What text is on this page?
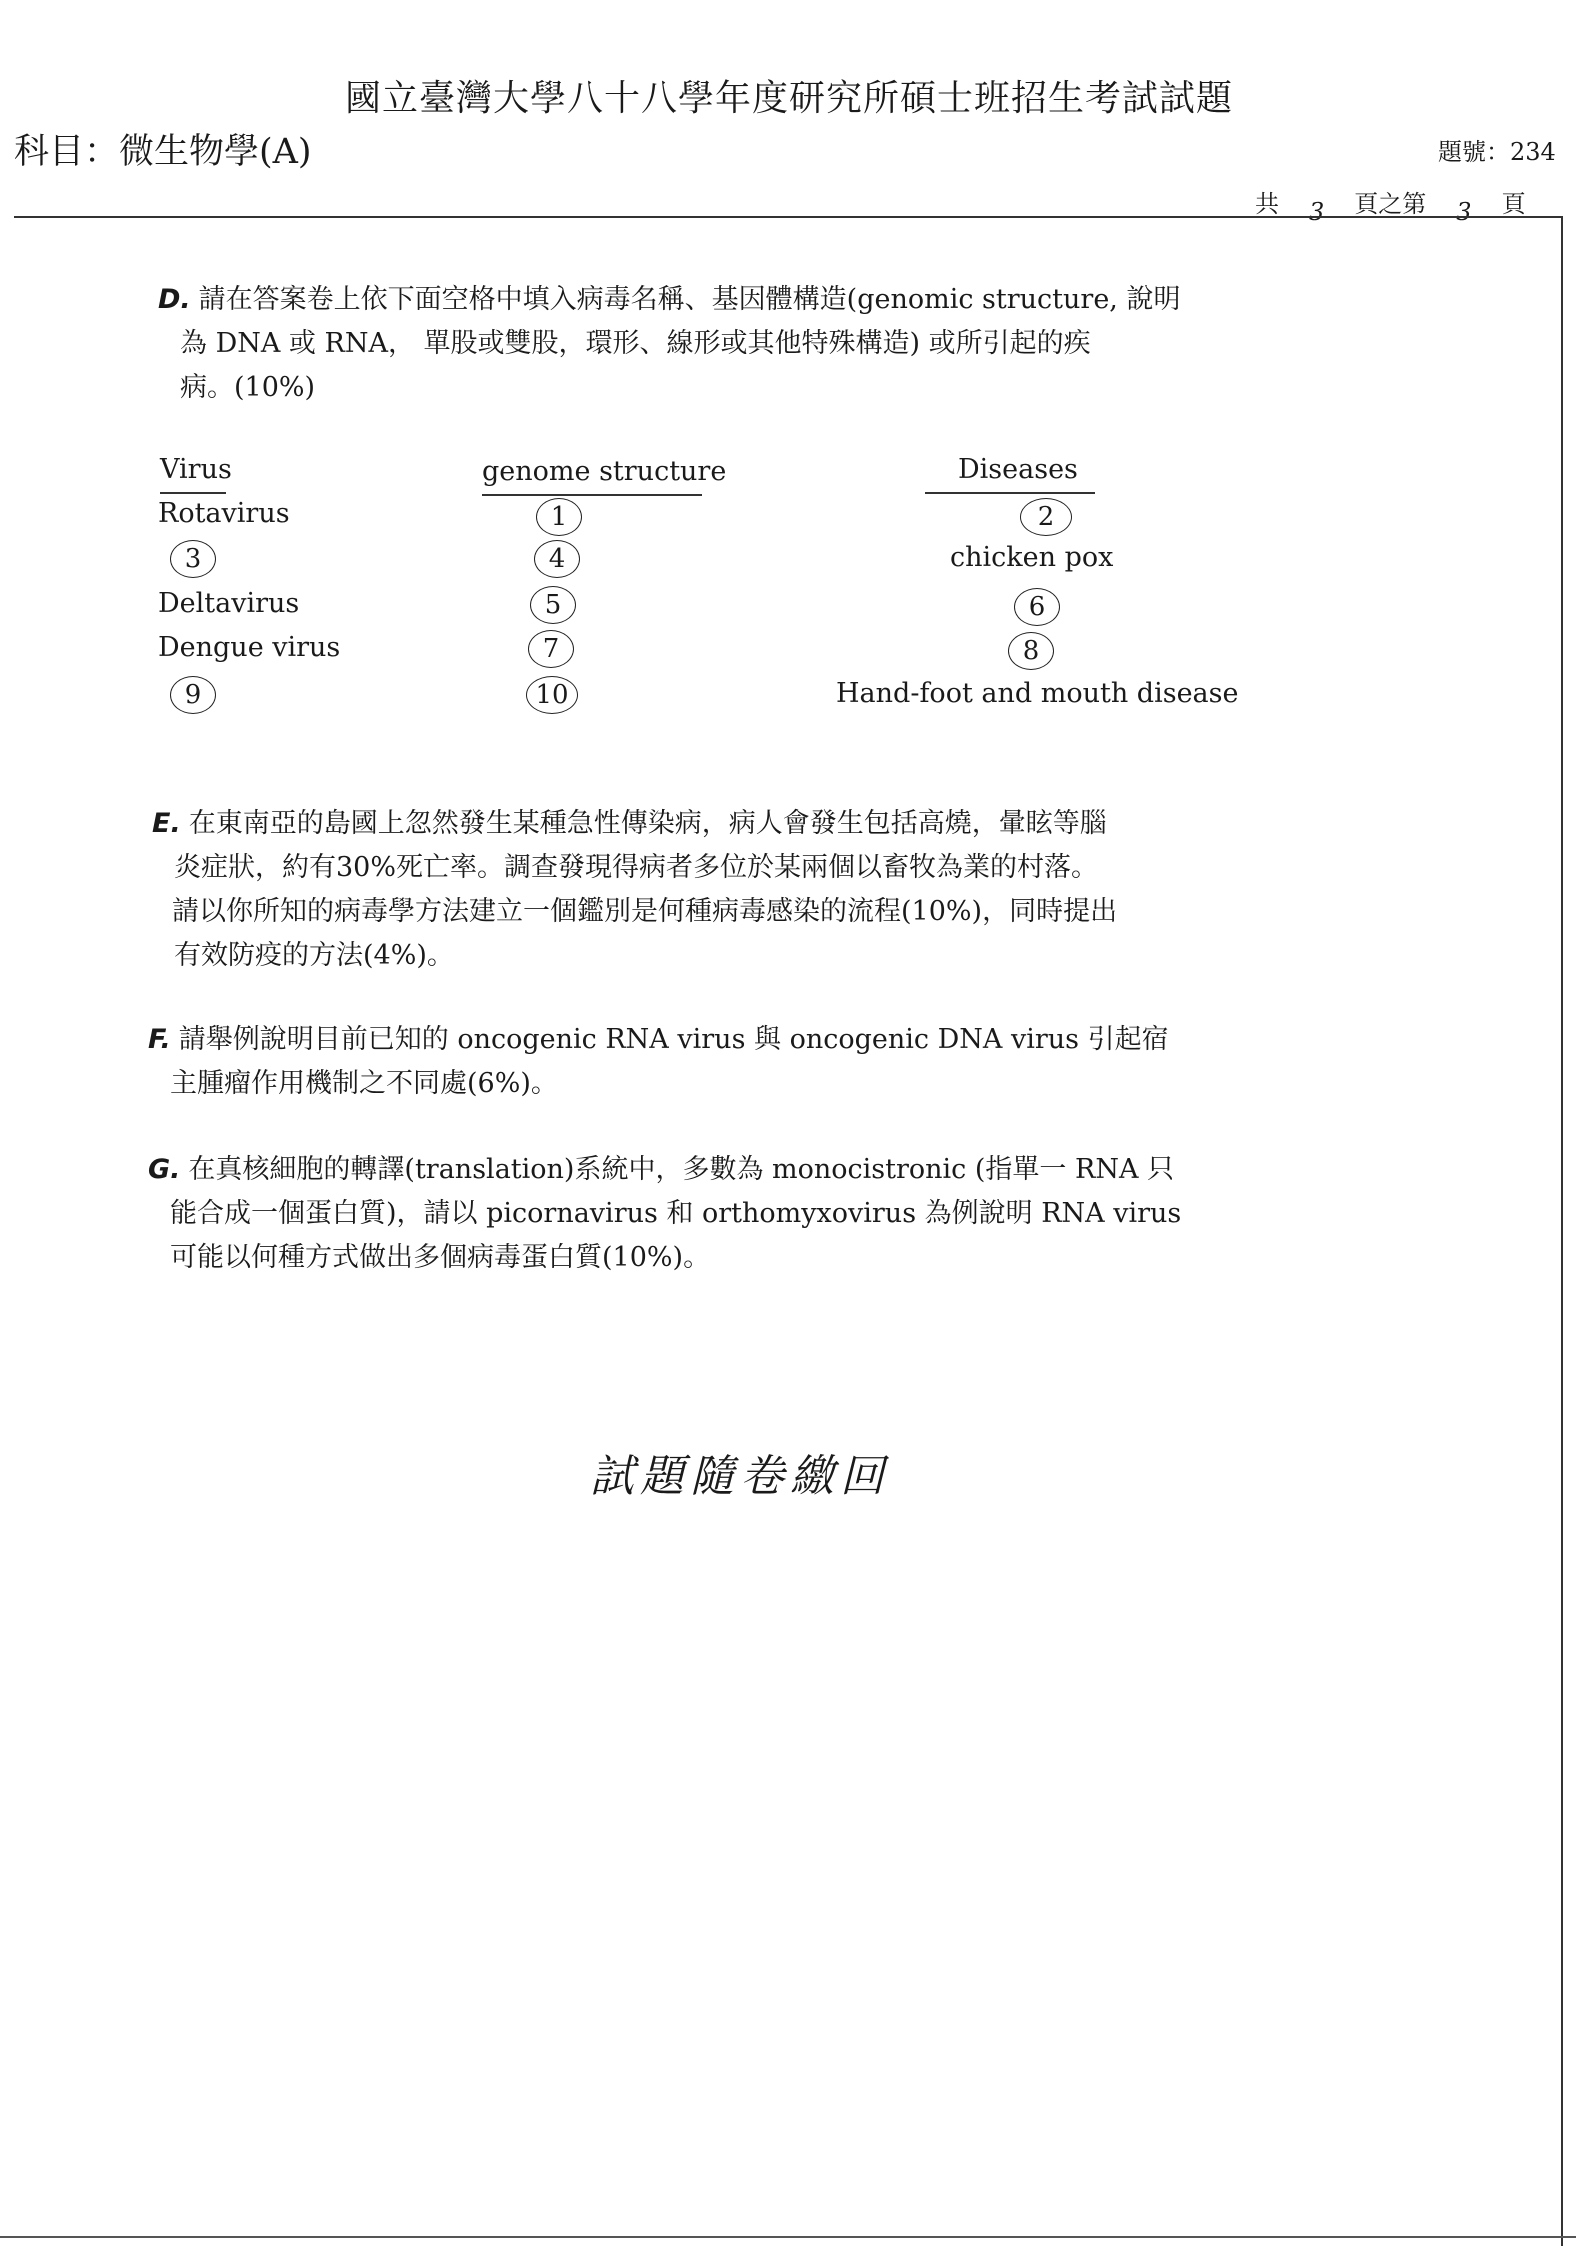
國立臺灣大學八十八學年度研究所碩士班招生考試試題
科目：微生物學(A)	題號：234
共 3 頁之第 3 頁
D. 請在答案卷上依下面空格中填入病毒名稱、基因體構造(genomic structure, 說明
為 DNA 或 RNA， 單股或雙股，環形、線形或其他特殊構造) 或所引起的疾
病。(10%)
Virus	genome structure	Diseases
Rotavirus	1	2
3	4	chicken pox
Deltavirus	5	6
Dengue virus	7	8
9	10	Hand-foot and mouth disease
E. 在東南亞的島國上忽然發生某種急性傳染病，病人會發生包括高燒，暈眩等腦
炎症狀，約有30%死亡率。調查發現得病者多位於某兩個以畜牧為業的村落。
請以你所知的病毒學方法建立一個鑑別是何種病毒感染的流程(10%)，同時提出
有效防疫的方法(4%)。
F. 請舉例說明目前已知的 oncogenic RNA virus 與 oncogenic DNA virus 引起宿
主腫瘤作用機制之不同處(6%)。
G. 在真核細胞的轉譯(translation)系統中，多數為 monocistronic (指單一 RNA 只
能合成一個蛋白質)，請以 picornavirus 和 orthomyxovirus 為例說明 RNA virus
可能以何種方式做出多個病毒蛋白質(10%)。
試題隨卷繳回
